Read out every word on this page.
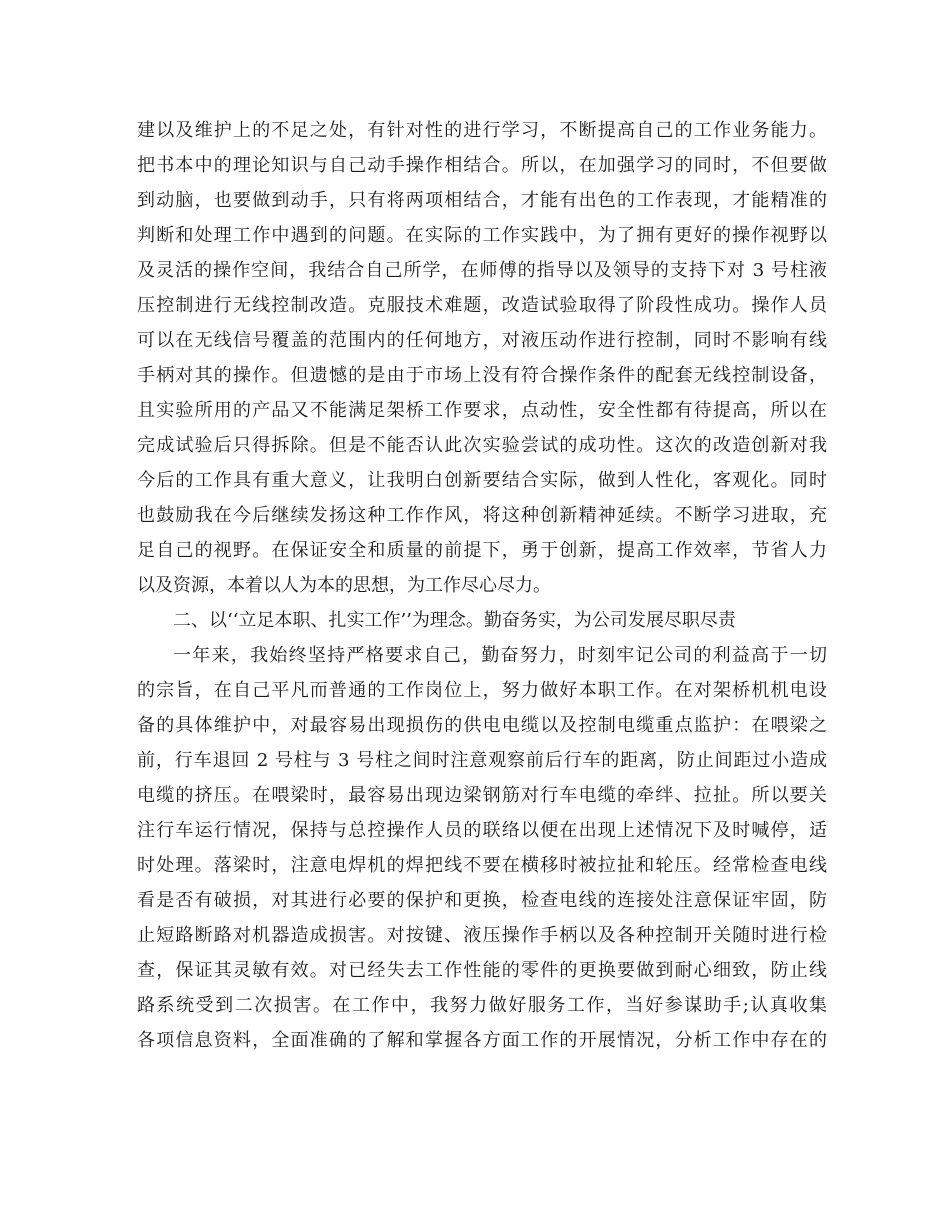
建以及维护上的不足之处，有针对性的进行学习，不断提高自己的工作业务能力。
把书本中的理论知识与自己动手操作相结合。所以，在加强学习的同时，不但要做
到动脑，也要做到动手，只有将两项相结合，才能有出色的工作表现，才能精准的
判断和处理工作中遇到的问题。在实际的工作实践中，为了拥有更好的操作视野以
及灵活的操作空间，我结合自己所学，在师傅的指导以及领导的支持下对 3 号柱液
压控制进行无线控制改造。克服技术难题，改造试验取得了阶段性成功。操作人员
可以在无线信号覆盖的范围内的任何地方，对液压动作进行控制，同时不影响有线
手柄对其的操作。但遗憾的是由于市场上没有符合操作条件的配套无线控制设备，
且实验所用的产品又不能满足架桥工作要求，点动性，安全性都有待提高，所以在
完成试验后只得拆除。但是不能否认此次实验尝试的成功性。这次的改造创新对我
今后的工作具有重大意义，让我明白创新要结合实际，做到人性化，客观化。同时
也鼓励我在今后继续发扬这种工作作风，将这种创新精神延续。不断学习进取，充
足自己的视野。在保证安全和质量的前提下，勇于创新，提高工作效率，节省人力
以及资源，本着以人为本的思想，为工作尽心尽力。
二、以‘‘立足本职、扎实工作’’为理念。勤奋务实，为公司发展尽职尽责
一年来，我始终坚持严格要求自己，勤奋努力，时刻牢记公司的利益高于一切
的宗旨，在自己平凡而普通的工作岗位上，努力做好本职工作。在对架桥机机电设
备的具体维护中，对最容易出现损伤的供电电缆以及控制电缆重点监护：在喂梁之
前，行车退回 2 号柱与 3 号柱之间时注意观察前后行车的距离，防止间距过小造成
电缆的挤压。在喂梁时，最容易出现边梁钢筋对行车电缆的牵绊、拉扯。所以要关
注行车运行情况，保持与总控操作人员的联络以便在出现上述情况下及时喊停，适
时处理。落梁时，注意电焊机的焊把线不要在横移时被拉扯和轮压。经常检查电线
看是否有破损，对其进行必要的保护和更换，检查电线的连接处注意保证牢固，防
止短路断路对机器造成损害。对按键、液压操作手柄以及各种控制开关随时进行检
查，保证其灵敏有效。对已经失去工作性能的零件的更换要做到耐心细致，防止线
路系统受到二次损害。在工作中，我努力做好服务工作，当好参谋助手;认真收集
各项信息资料，全面准确的了解和掌握各方面工作的开展情况，分析工作中存在的
